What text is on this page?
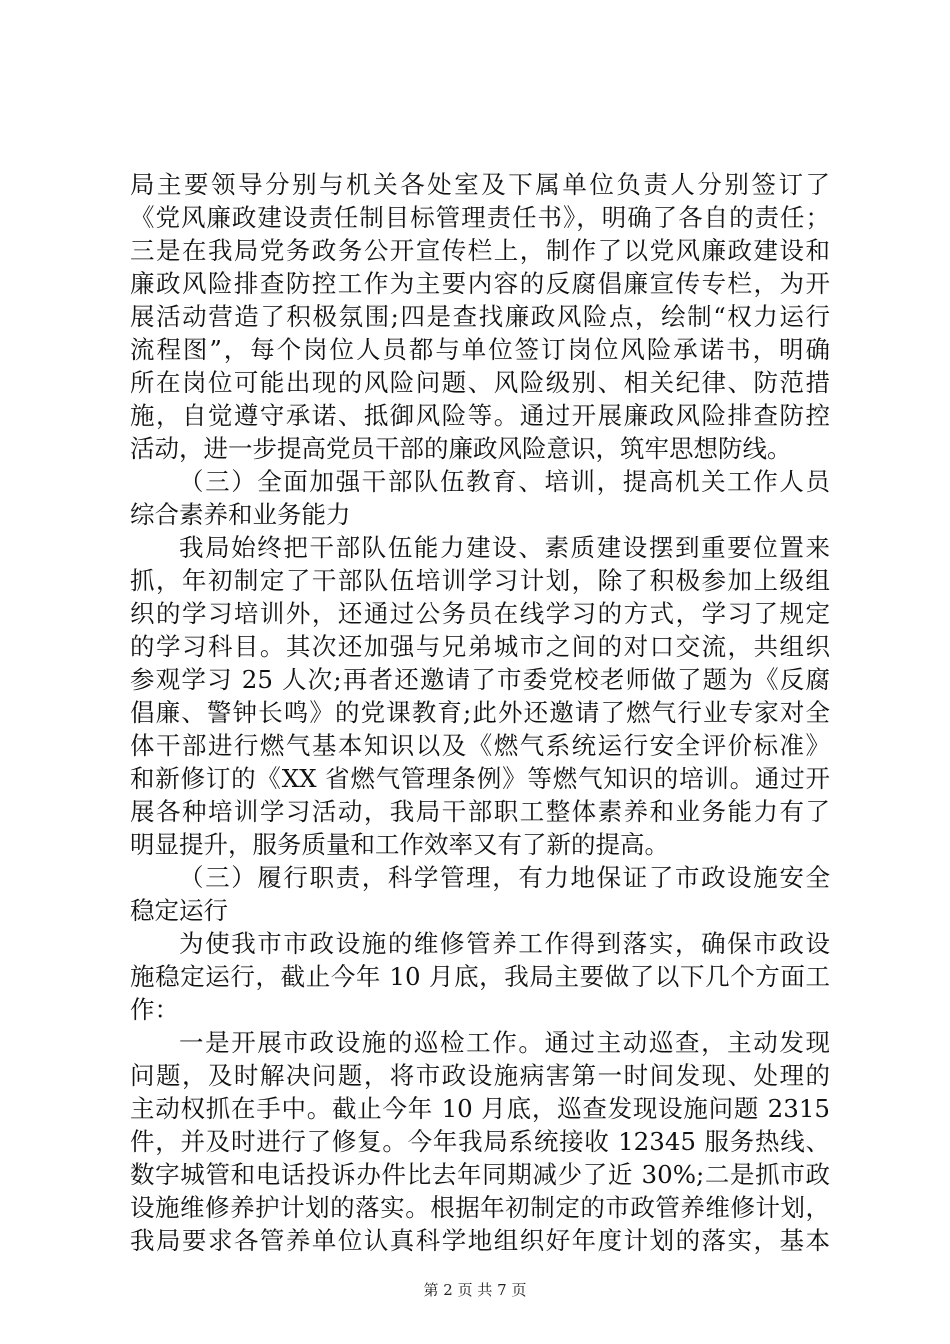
局主要领导分别与机关各处室及下属单位负责人分别签订了
《党风廉政建设责任制目标管理责任书》，明确了各自的责任；
三是在我局党务政务公开宣传栏上，制作了以党风廉政建设和
廉政风险排查防控工作为主要内容的反腐倡廉宣传专栏，为开
展活动营造了积极氛围;四是查找廉政风险点，绘制“权力运行
流程图”，每个岗位人员都与单位签订岗位风险承诺书，明确
所在岗位可能出现的风险问题、风险级别、相关纪律、防范措
施，自觉遵守承诺、抵御风险等。通过开展廉政风险排查防控
活动，进一步提高党员干部的廉政风险意识，筑牢思想防线。
（三）全面加强干部队伍教育、培训，提高机关工作人员
综合素养和业务能力
我局始终把干部队伍能力建设、素质建设摆到重要位置来
抓，年初制定了干部队伍培训学习计划，除了积极参加上级组
织的学习培训外，还通过公务员在线学习的方式，学习了规定
的学习科目。其次还加强与兄弟城市之间的对口交流，共组织
参观学习 25 人次;再者还邀请了市委党校老师做了题为《反腐
倡廉、警钟长鸣》的党课教育;此外还邀请了燃气行业专家对全
体干部进行燃气基本知识以及《燃气系统运行安全评价标准》
和新修订的《XX 省燃气管理条例》等燃气知识的培训。通过开
展各种培训学习活动，我局干部职工整体素养和业务能力有了
明显提升，服务质量和工作效率又有了新的提高。
（三）履行职责，科学管理，有力地保证了市政设施安全
稳定运行
为使我市市政设施的维修管养工作得到落实，确保市政设
施稳定运行，截止今年 10 月底，我局主要做了以下几个方面工
作：
一是开展市政设施的巡检工作。通过主动巡查，主动发现
问题，及时解决问题，将市政设施病害第一时间发现、处理的
主动权抓在手中。截止今年 10 月底，巡查发现设施问题 2315
件，并及时进行了修复。今年我局系统接收 12345 服务热线、
数字城管和电话投诉办件比去年同期减少了近 30%;二是抓市政
设施维修养护计划的落实。根据年初制定的市政管养维修计划，
我局要求各管养单位认真科学地组织好年度计划的落实，基本
第 2 页 共 7 页
